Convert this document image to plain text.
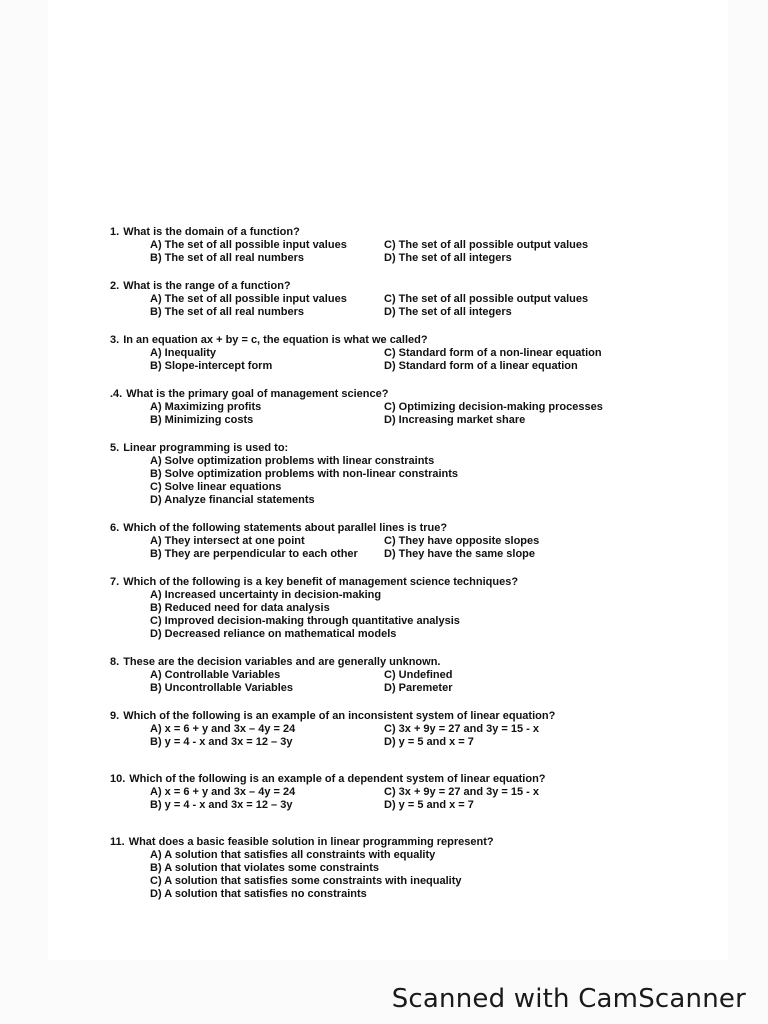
1. What is the domain of a function?
A) The set of all possible input values	C) The set of all possible output values
B) The set of all real numbers	D) The set of all integers
2. What is the range of a function?
A) The set of all possible input values	C) The set of all possible output values
B) The set of all real numbers	D) The set of all integers
3. In an equation ax + by = c, the equation is what we called?
A) Inequality	C) Standard form of a non-linear equation
B) Slope-intercept form	D) Standard form of a linear equation
.4. What is the primary goal of management science?
A) Maximizing profits	C) Optimizing decision-making processes
B) Minimizing costs	D) Increasing market share
5. Linear programming is used to:
A) Solve optimization problems with linear constraints
B) Solve optimization problems with non-linear constraints
C) Solve linear equations
D) Analyze financial statements
6. Which of the following statements about parallel lines is true?
A) They intersect at one point	C) They have opposite slopes
B) They are perpendicular to each other	D) They have the same slope
7. Which of the following is a key benefit of management science techniques?
A) Increased uncertainty in decision-making
B) Reduced need for data analysis
C) Improved decision-making through quantitative analysis
D) Decreased reliance on mathematical models
8. These are the decision variables and are generally unknown.
A) Controllable Variables	C) Undefined
B) Uncontrollable Variables	D) Paremeter
9. Which of the following is an example of an inconsistent system of linear equation?
A) x = 6 + y and 3x – 4y = 24	C) 3x + 9y = 27 and 3y = 15 - x
B) y = 4 - x and 3x = 12 – 3y	D) y = 5 and x = 7
10. Which of the following is an example of a dependent system of linear equation?
A) x = 6 + y and 3x – 4y = 24	C) 3x + 9y = 27 and 3y = 15 - x
B) y = 4 - x and 3x = 12 – 3y	D) y = 5 and x = 7
11. What does a basic feasible solution in linear programming represent?
A) A solution that satisfies all constraints with equality
B) A solution that violates some constraints
C) A solution that satisfies some constraints with inequality
D) A solution that satisfies no constraints
Scanned with CamScanner
